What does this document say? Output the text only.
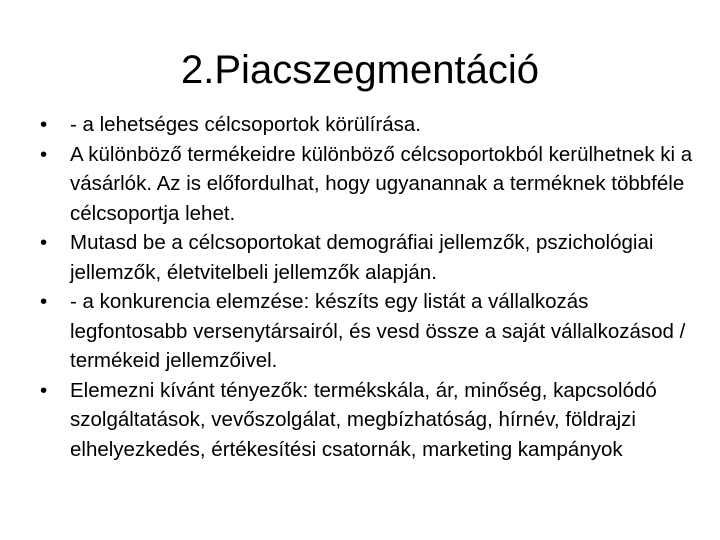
2.Piacszegmentáció
•	- a lehetséges célcsoportok körülírása.
•	A különböző termékeidre különböző célcsoportokból kerülhetnek ki a vásárlók. Az is előfordulhat, hogy ugyanannak a terméknek többféle célcsoportja lehet.
•	Mutasd be a célcsoportokat demográfiai jellemzők, pszichológiai jellemzők, életvitelbeli jellemzők alapján.
•	- a konkurencia elemzése: készíts egy listát a vállalkozás legfontosabb versenytársairól, és vesd össze a saját vállalkozásod / termékeid jellemzőivel.
•	Elemezni kívánt tényezők: termékskála, ár, minőség, kapcsolódó szolgáltatások, vevőszolgálat, megbízhatóság, hírnév, földrajzi elhelyezkedés, értékesítési csatornák, marketing kampányok
